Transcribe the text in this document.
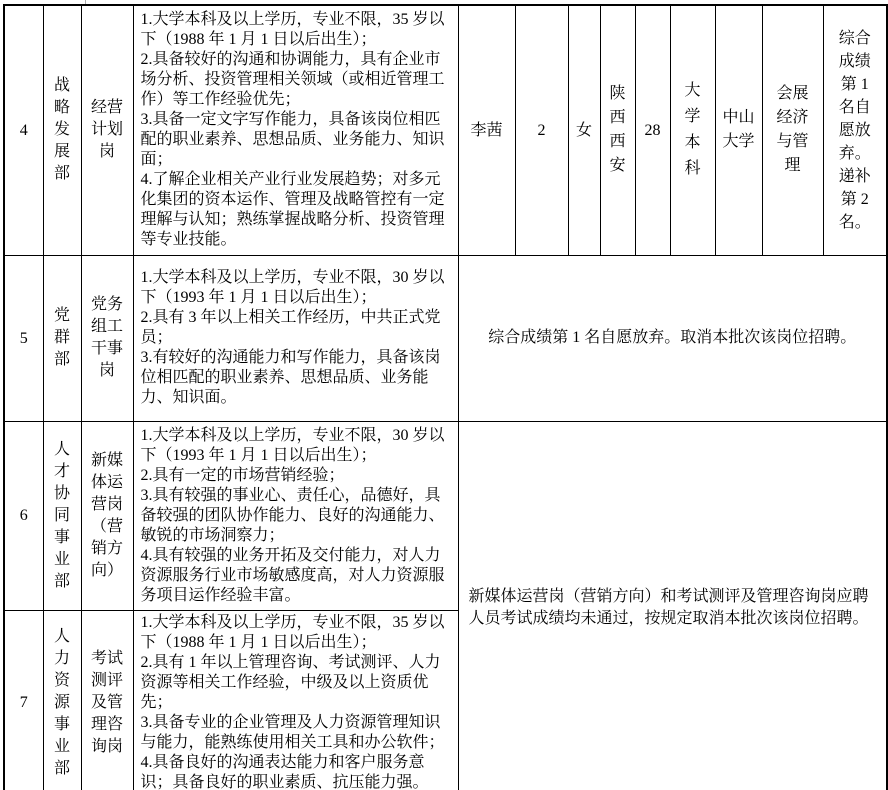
4	战略发展部	经营计划岗	1.大学本科及以上学历，专业不限，35 岁以下（1988 年 1 月 1 日以后出生）；
2.具备较好的沟通和协调能力，具有企业市场分析、投资管理相关领域（或相近管理工作）等工作经验优先；
3.具备一定文字写作能力，具备该岗位相匹配的职业素养、思想品质、业务能力、知识面；
4.了解企业相关产业行业发展趋势；对多元化集团的资本运作、管理及战略管控有一定理解与认知；熟练掌握战略分析、投资管理等专业技能。	李茜	2	女	陕西西安	28	大学本科	中山大学	会展经济与管理	综合成绩第 1 名自愿放弃。递补第 2 名。
5	党群部	党务组工干事岗	1.大学本科及以上学历，专业不限，30 岁以下（1993 年 1 月 1 日以后出生）；
2.具有 3 年以上相关工作经历，中共正式党员；
3.有较好的沟通能力和写作能力，具备该岗位相匹配的职业素养、思想品质、业务能力、知识面。	综合成绩第 1 名自愿放弃。取消本批次该岗位招聘。								
6	人才协同事业部	新媒体运营岗（营销方向）	1.大学本科及以上学历，专业不限，30 岁以下（1993 年 1 月 1 日以后出生）；
2.具有一定的市场营销经验；
3.具有较强的事业心、责任心，品德好，具备较强的团队协作能力、良好的沟通能力、敏锐的市场洞察力；
4.具有较强的业务开拓及交付能力，对人力资源服务行业市场敏感度高，对人力资源服务项目运作经验丰富。	新媒体运营岗（营销方向）和考试测评及管理咨询岗应聘人员考试成绩均未通过，按规定取消本批次该岗位招聘。								
7	人力资源事业部	考试测评及管理咨询岗	1.大学本科及以上学历，专业不限，35 岁以下（1988 年 1 月 1 日以后出生）；
2.具有 1 年以上管理咨询、考试测评、人力资源等相关工作经验，中级及以上资质优先；
3.具备专业的企业管理及人力资源管理知识与能力，能熟练使用相关工具和办公软件；
4.具备良好的沟通表达能力和客户服务意识；具备良好的职业素质、抗压能力强。									
